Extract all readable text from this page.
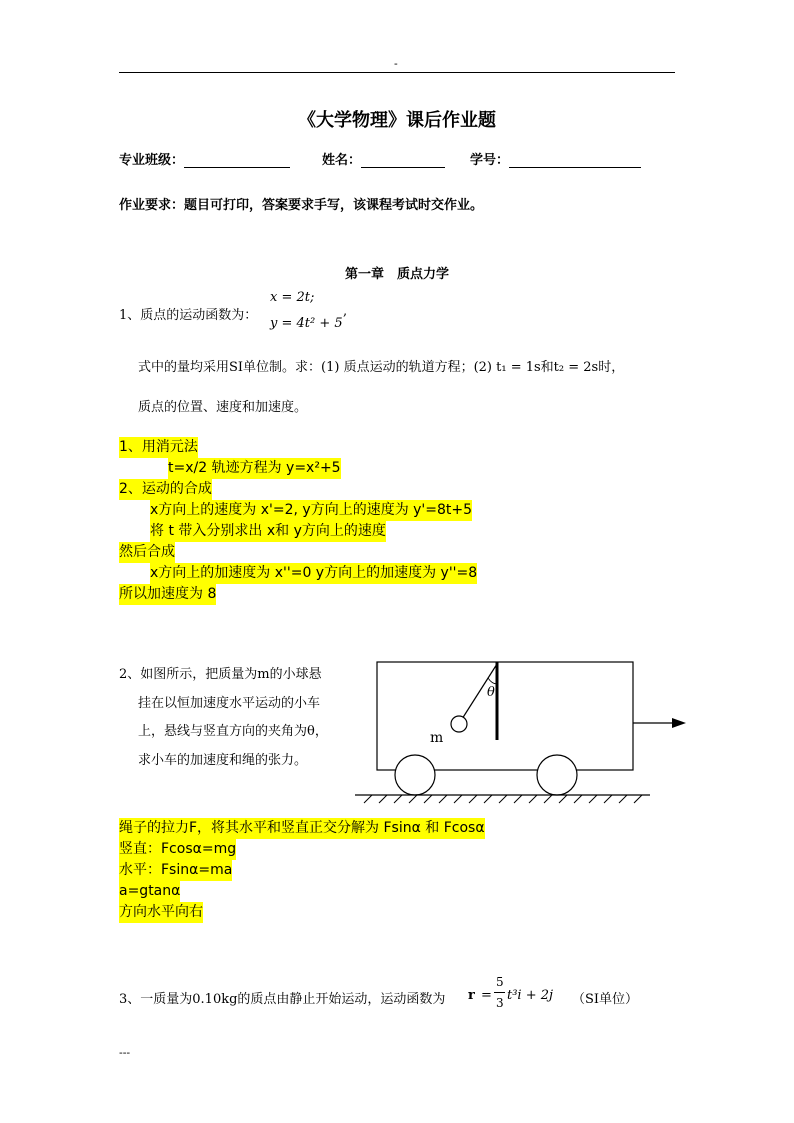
-
《大学物理》课后作业题
专业班级：	姓名：	学号：
作业要求：题目可打印，答案要求手写，该课程考试时交作业。
第一章　质点力学
1、质点的运动函数为：
x = 2t;
y = 4t² + 5
,
式中的量均采用SI单位制。求：(1) 质点运动的轨道方程；(2) t₁ = 1s和t₂ = 2s时，
质点的位置、速度和加速度。
1、用消元法
t=x/2 轨迹方程为 y=x²+5
2、运动的合成
x方向上的速度为 x'=2, y方向上的速度为 y'=8t+5
将 t 带入分别求出 x和 y方向上的速度
然后合成
x方向上的加速度为 x''=0 y方向上的加速度为 y''=8
所以加速度为 8
2、如图所示，把质量为m的小球悬
挂在以恒加速度水平运动的小车
上，悬线与竖直方向的夹角为θ，
求小车的加速度和绳的张力。
θ
m
绳子的拉力F，将其水平和竖直正交分解为 Fsinα 和 Fcosα
竖直：Fcosα=mg
水平：Fsinα=ma
a=gtanα
方向水平向右
3、一质量为0.10kg的质点由静止开始运动，运动函数为 r =
5
3 t³i + 2j （SI单位）
---
